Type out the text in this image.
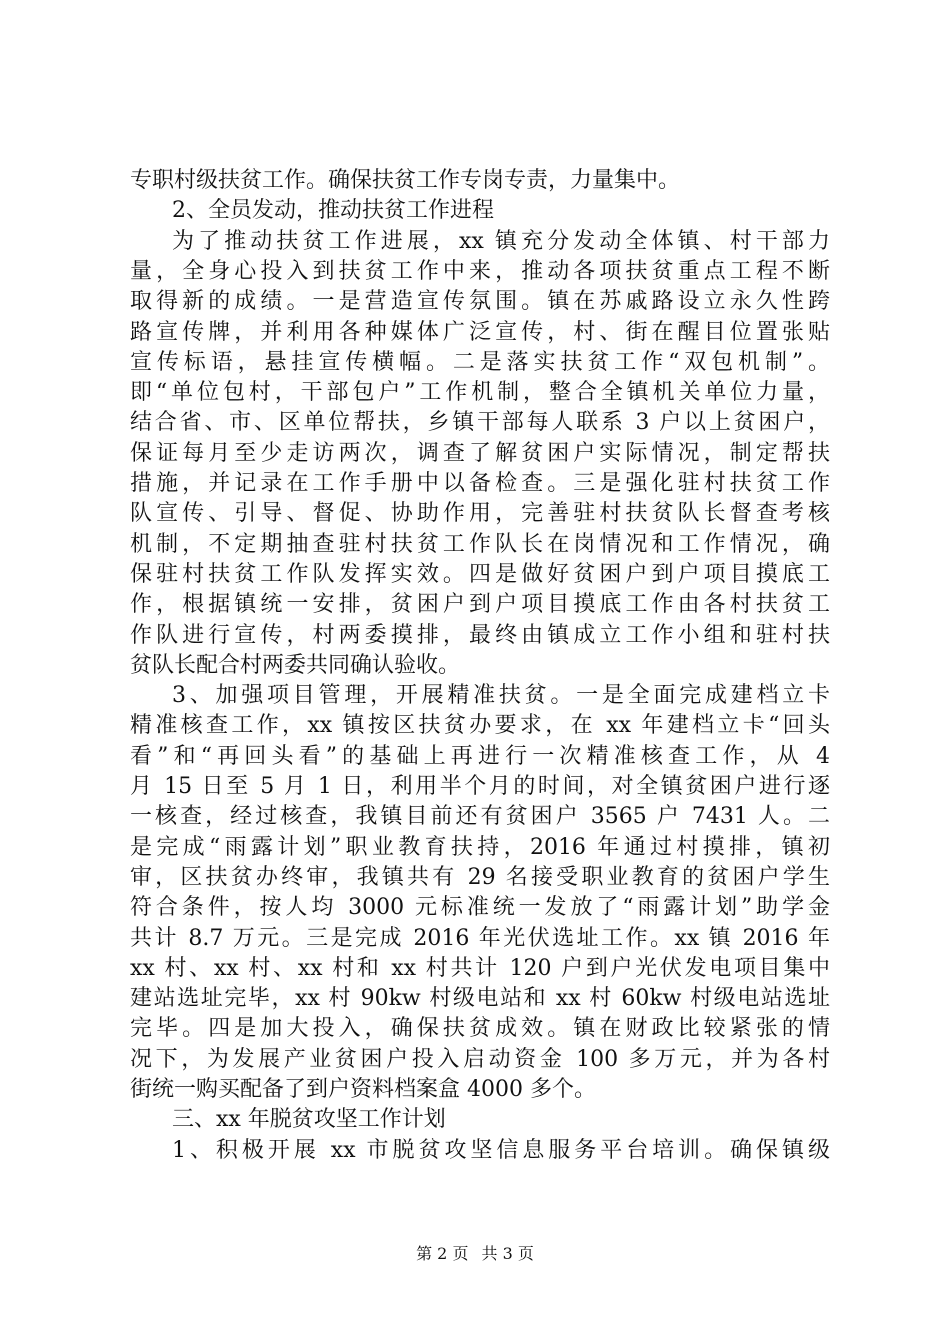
专职村级扶贫工作。确保扶贫工作专岗专责，力量集中。
2、全员发动，推动扶贫工作进程
为了推动扶贫工作进展，xx 镇充分发动全体镇、村干部力
量，全身心投入到扶贫工作中来，推动各项扶贫重点工程不断
取得新的成绩。一是营造宣传氛围。镇在苏戚路设立永久性跨
路宣传牌，并利用各种媒体广泛宣传，村、街在醒目位置张贴
宣传标语，悬挂宣传横幅。二是落实扶贫工作“双包机制”。
即“单位包村，干部包户”工作机制，整合全镇机关单位力量，
结合省、市、区单位帮扶，乡镇干部每人联系 3 户以上贫困户，
保证每月至少走访两次，调查了解贫困户实际情况，制定帮扶
措施，并记录在工作手册中以备检查。三是强化驻村扶贫工作
队宣传、引导、督促、协助作用，完善驻村扶贫队长督查考核
机制，不定期抽查驻村扶贫工作队长在岗情况和工作情况，确
保驻村扶贫工作队发挥实效。四是做好贫困户到户项目摸底工
作，根据镇统一安排，贫困户到户项目摸底工作由各村扶贫工
作队进行宣传，村两委摸排，最终由镇成立工作小组和驻村扶
贫队长配合村两委共同确认验收。
3、加强项目管理，开展精准扶贫。一是全面完成建档立卡
精准核查工作，xx 镇按区扶贫办要求，在 xx 年建档立卡“回头
看”和“再回头看”的基础上再进行一次精准核查工作，从 4
月 15 日至 5 月 1 日，利用半个月的时间，对全镇贫困户进行逐
一核查，经过核查，我镇目前还有贫困户 3565 户 7431 人。二
是完成“雨露计划”职业教育扶持，2016 年通过村摸排，镇初
审，区扶贫办终审，我镇共有 29 名接受职业教育的贫困户学生
符合条件，按人均 3000 元标准统一发放了“雨露计划”助学金
共计 8.7 万元。三是完成 2016 年光伏选址工作。xx 镇 2016 年
xx 村、xx 村、xx 村和 xx 村共计 120 户到户光伏发电项目集中
建站选址完毕，xx 村 90kw 村级电站和 xx 村 60kw 村级电站选址
完毕。四是加大投入，确保扶贫成效。镇在财政比较紧张的情
况下，为发展产业贫困户投入启动资金 100 多万元，并为各村
街统一购买配备了到户资料档案盒 4000 多个。
三、xx 年脱贫攻坚工作计划
1、积极开展 xx 市脱贫攻坚信息服务平台培训。确保镇级
第 2 页 共 3 页
